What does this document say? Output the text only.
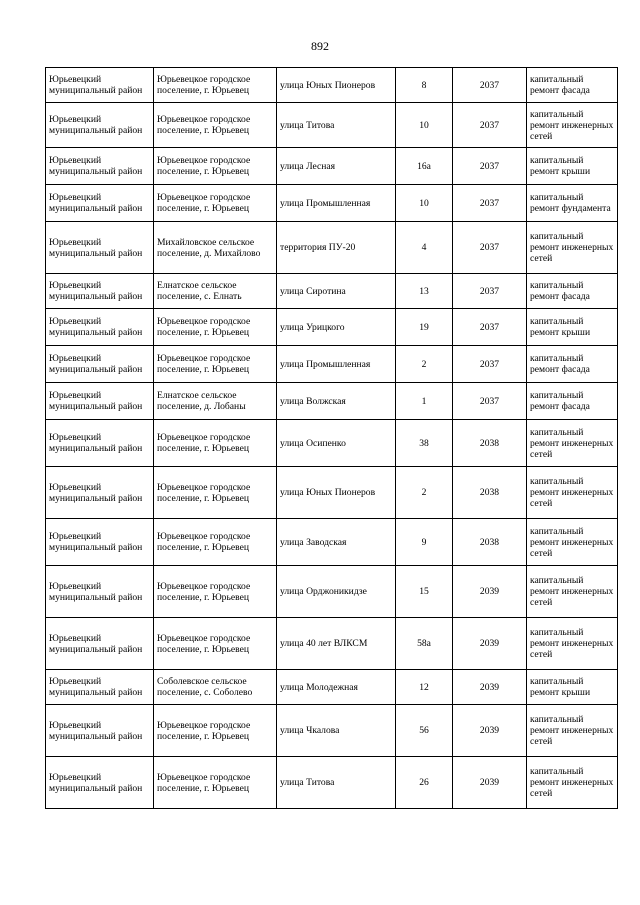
892
Юрьевецкий муниципальный район	Юрьевецкое городское поселение, г. Юрьевец	улица Юных Пионеров	8	2037	капитальный ремонт фасада
Юрьевецкий муниципальный район	Юрьевецкое городское поселение, г. Юрьевец	улица Титова	10	2037	капитальный ремонт инженерных сетей
Юрьевецкий муниципальный район	Юрьевецкое городское поселение, г. Юрьевец	улица Лесная	16а	2037	капитальный ремонт крыши
Юрьевецкий муниципальный район	Юрьевецкое городское поселение, г. Юрьевец	улица Промышленная	10	2037	капитальный ремонт фундамента
Юрьевецкий муниципальный район	Михайловское сельское поселение, д. Михайлово	территория ПУ-20	4	2037	капитальный ремонт инженерных сетей
Юрьевецкий муниципальный район	Елнатское сельское поселение, с. Елнать	улица Сиротина	13	2037	капитальный ремонт фасада
Юрьевецкий муниципальный район	Юрьевецкое городское поселение, г. Юрьевец	улица Урицкого	19	2037	капитальный ремонт крыши
Юрьевецкий муниципальный район	Юрьевецкое городское поселение, г. Юрьевец	улица Промышленная	2	2037	капитальный ремонт фасада
Юрьевецкий муниципальный район	Елнатское сельское поселение, д. Лобаны	улица Волжская	1	2037	капитальный ремонт фасада
Юрьевецкий муниципальный район	Юрьевецкое городское поселение, г. Юрьевец	улица Осипенко	38	2038	капитальный ремонт инженерных сетей
Юрьевецкий муниципальный район	Юрьевецкое городское поселение, г. Юрьевец	улица Юных Пионеров	2	2038	капитальный ремонт инженерных сетей
Юрьевецкий муниципальный район	Юрьевецкое городское поселение, г. Юрьевец	улица Заводская	9	2038	капитальный ремонт инженерных сетей
Юрьевецкий муниципальный район	Юрьевецкое городское поселение, г. Юрьевец	улица Орджоникидзе	15	2039	капитальный ремонт инженерных сетей
Юрьевецкий муниципальный район	Юрьевецкое городское поселение, г. Юрьевец	улица 40 лет ВЛКСМ	58а	2039	капитальный ремонт инженерных сетей
Юрьевецкий муниципальный район	Соболевское сельское поселение, с. Соболево	улица Молодежная	12	2039	капитальный ремонт крыши
Юрьевецкий муниципальный район	Юрьевецкое городское поселение, г. Юрьевец	улица Чкалова	56	2039	капитальный ремонт инженерных сетей
Юрьевецкий муниципальный район	Юрьевецкое городское поселение, г. Юрьевец	улица Титова	26	2039	капитальный ремонт инженерных сетей
